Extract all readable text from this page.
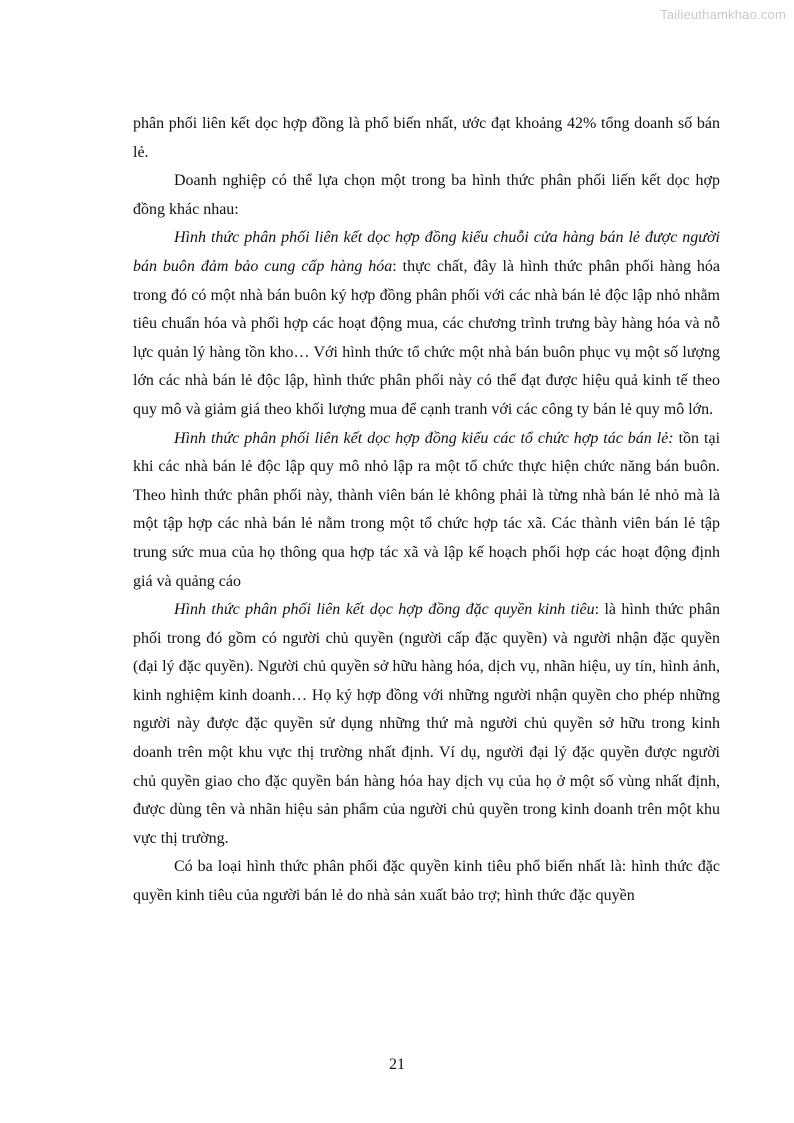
Tailieuthamkhao.com

phân phối liên kết dọc hợp đồng là phổ biến nhất, ước đạt khoảng 42% tổng doanh số bán lẻ.

Doanh nghiệp có thể lựa chọn một trong ba hình thức phân phối liến kết dọc hợp đồng khác nhau:

Hình thức phân phối liên kết dọc hợp đồng kiểu chuỗi cửa hàng bán lẻ được người bán buôn đảm bảo cung cấp hàng hóa: thực chất, đây là hình thức phân phối hàng hóa trong đó có một nhà bán buôn ký hợp đồng phân phối với các nhà bán lẻ độc lập nhỏ nhằm tiêu chuẩn hóa và phối hợp các hoạt động mua, các chương trình trưng bày hàng hóa và nỗ lực quản lý hàng tồn kho… Với hình thức tổ chức một nhà bán buôn phục vụ một số lượng lớn các nhà bán lẻ độc lập, hình thức phân phối này có thể đạt được hiệu quả kinh tế theo quy mô và giảm giá theo khối lượng mua để cạnh tranh với các công ty bán lẻ quy mô lớn.

Hình thức phân phối liên kết dọc hợp đồng kiểu các tổ chức hợp tác bán lẻ: tồn tại khi các nhà bán lẻ độc lập quy mô nhỏ lập ra một tổ chức thực hiện chức năng bán buôn. Theo hình thức phân phối này, thành viên bán lẻ không phải là từng nhà bán lẻ nhỏ mà là một tập hợp các nhà bán lẻ nằm trong một tổ chức hợp tác xã. Các thành viên bán lẻ tập trung sức mua của họ thông qua hợp tác xã và lập kế hoạch phối hợp các hoạt động định giá và quảng cáo

Hình thức phân phối liên kết dọc hợp đồng đặc quyền kinh tiêu: là hình thức phân phối trong đó gồm có người chủ quyền (người cấp đặc quyền) và người nhận đặc quyền (đại lý đặc quyền). Người chủ quyền sở hữu hàng hóa, dịch vụ, nhãn hiệu, uy tín, hình ảnh, kinh nghiệm kinh doanh… Họ ký hợp đồng với những người nhận quyền cho phép những người này được đặc quyền sử dụng những thứ mà người chủ quyền sở hữu trong kinh doanh trên một khu vực thị trường nhất định. Ví dụ, người đại lý đặc quyền được người chủ quyền giao cho đặc quyền bán hàng hóa hay dịch vụ của họ ở một số vùng nhất định, được dùng tên và nhãn hiệu sản phẩm của người chủ quyền trong kinh doanh trên một khu vực thị trường.

Có ba loại hình thức phân phối đặc quyền kinh tiêu phổ biến nhất là: hình thức đặc quyền kinh tiêu của người bán lẻ do nhà sản xuất bảo trợ; hình thức đặc quyền

21
